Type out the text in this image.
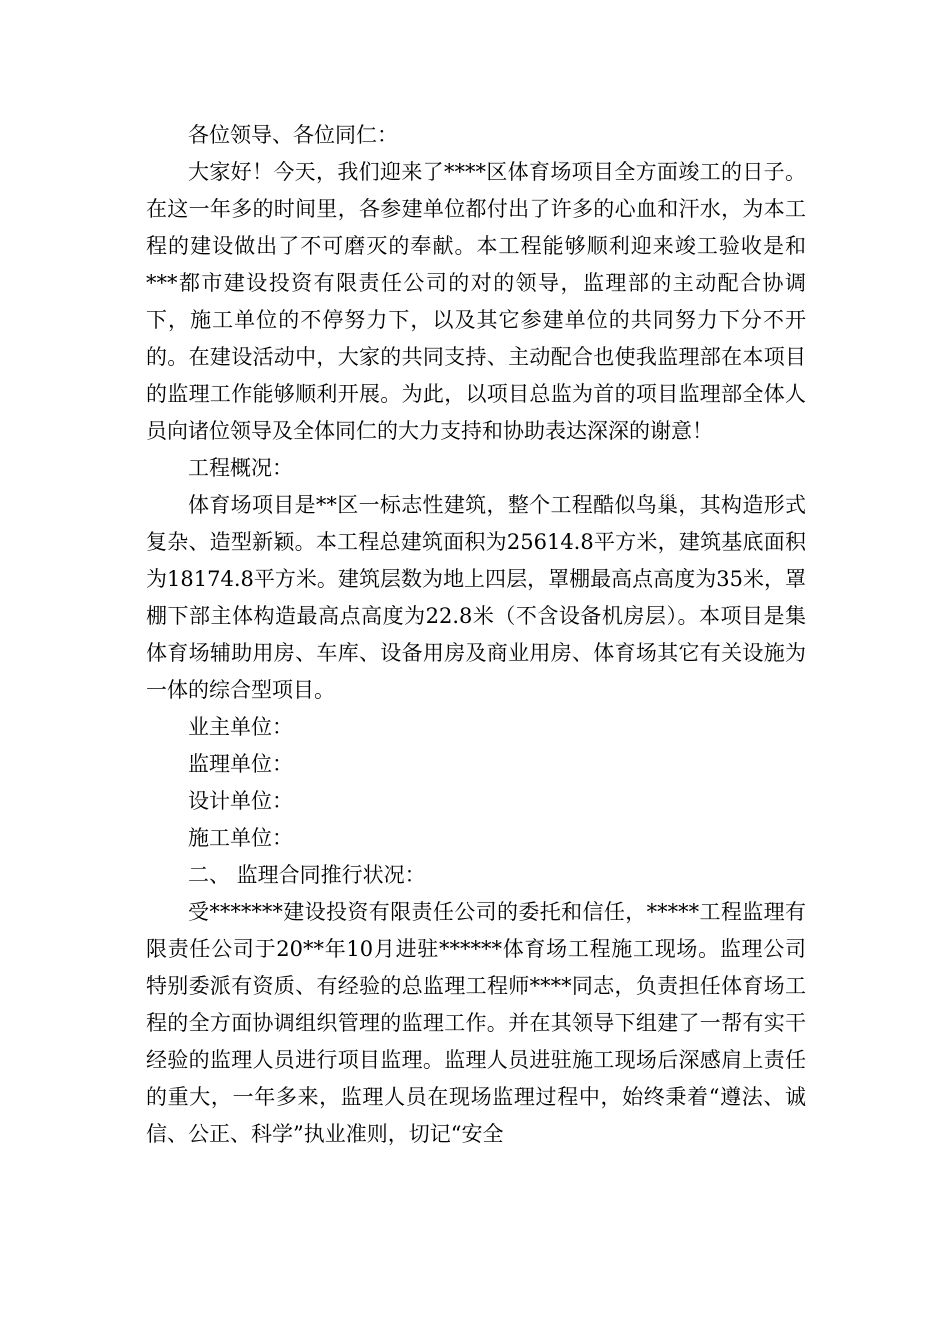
各位领导、各位同仁：

大家好！今天，我们迎来了****区体育场项目全方面竣工的日子。在这一年多的时间里，各参建单位都付出了许多的心血和汗水，为本工程的建设做出了不可磨灭的奉献。本工程能够顺利迎来竣工验收是和***都市建设投资有限责任公司的对的领导，监理部的主动配合协调下，施工单位的不停努力下，以及其它参建单位的共同努力下分不开的。在建设活动中，大家的共同支持、主动配合也使我监理部在本项目的监理工作能够顺利开展。为此，以项目总监为首的项目监理部全体人员向诸位领导及全体同仁的大力支持和协助表达深深的谢意！

工程概况：

体育场项目是**区一标志性建筑，整个工程酷似鸟巢，其构造形式复杂、造型新颖。本工程总建筑面积为25614.8平方米，建筑基底面积为18174.8平方米。建筑层数为地上四层，罩棚最高点高度为35米，罩棚下部主体构造最高点高度为22.8米（不含设备机房层）。本项目是集体育场辅助用房、车库、设备用房及商业用房、体育场其它有关设施为一体的综合型项目。

业主单位：

监理单位：

设计单位：

施工单位：

二、 监理合同推行状况：

受*******建设投资有限责任公司的委托和信任，*****工程监理有限责任公司于20**年10月进驻******体育场工程施工现场。监理公司特别委派有资质、有经验的总监理工程师****同志，负责担任体育场工程的全方面协调组织管理的监理工作。并在其领导下组建了一帮有实干经验的监理人员进行项目监理。监理人员进驻施工现场后深感肩上责任的重大，一年多来，监理人员在现场监理过程中，始终秉着“遵法、诚信、公正、科学”执业准则，切记“安全
